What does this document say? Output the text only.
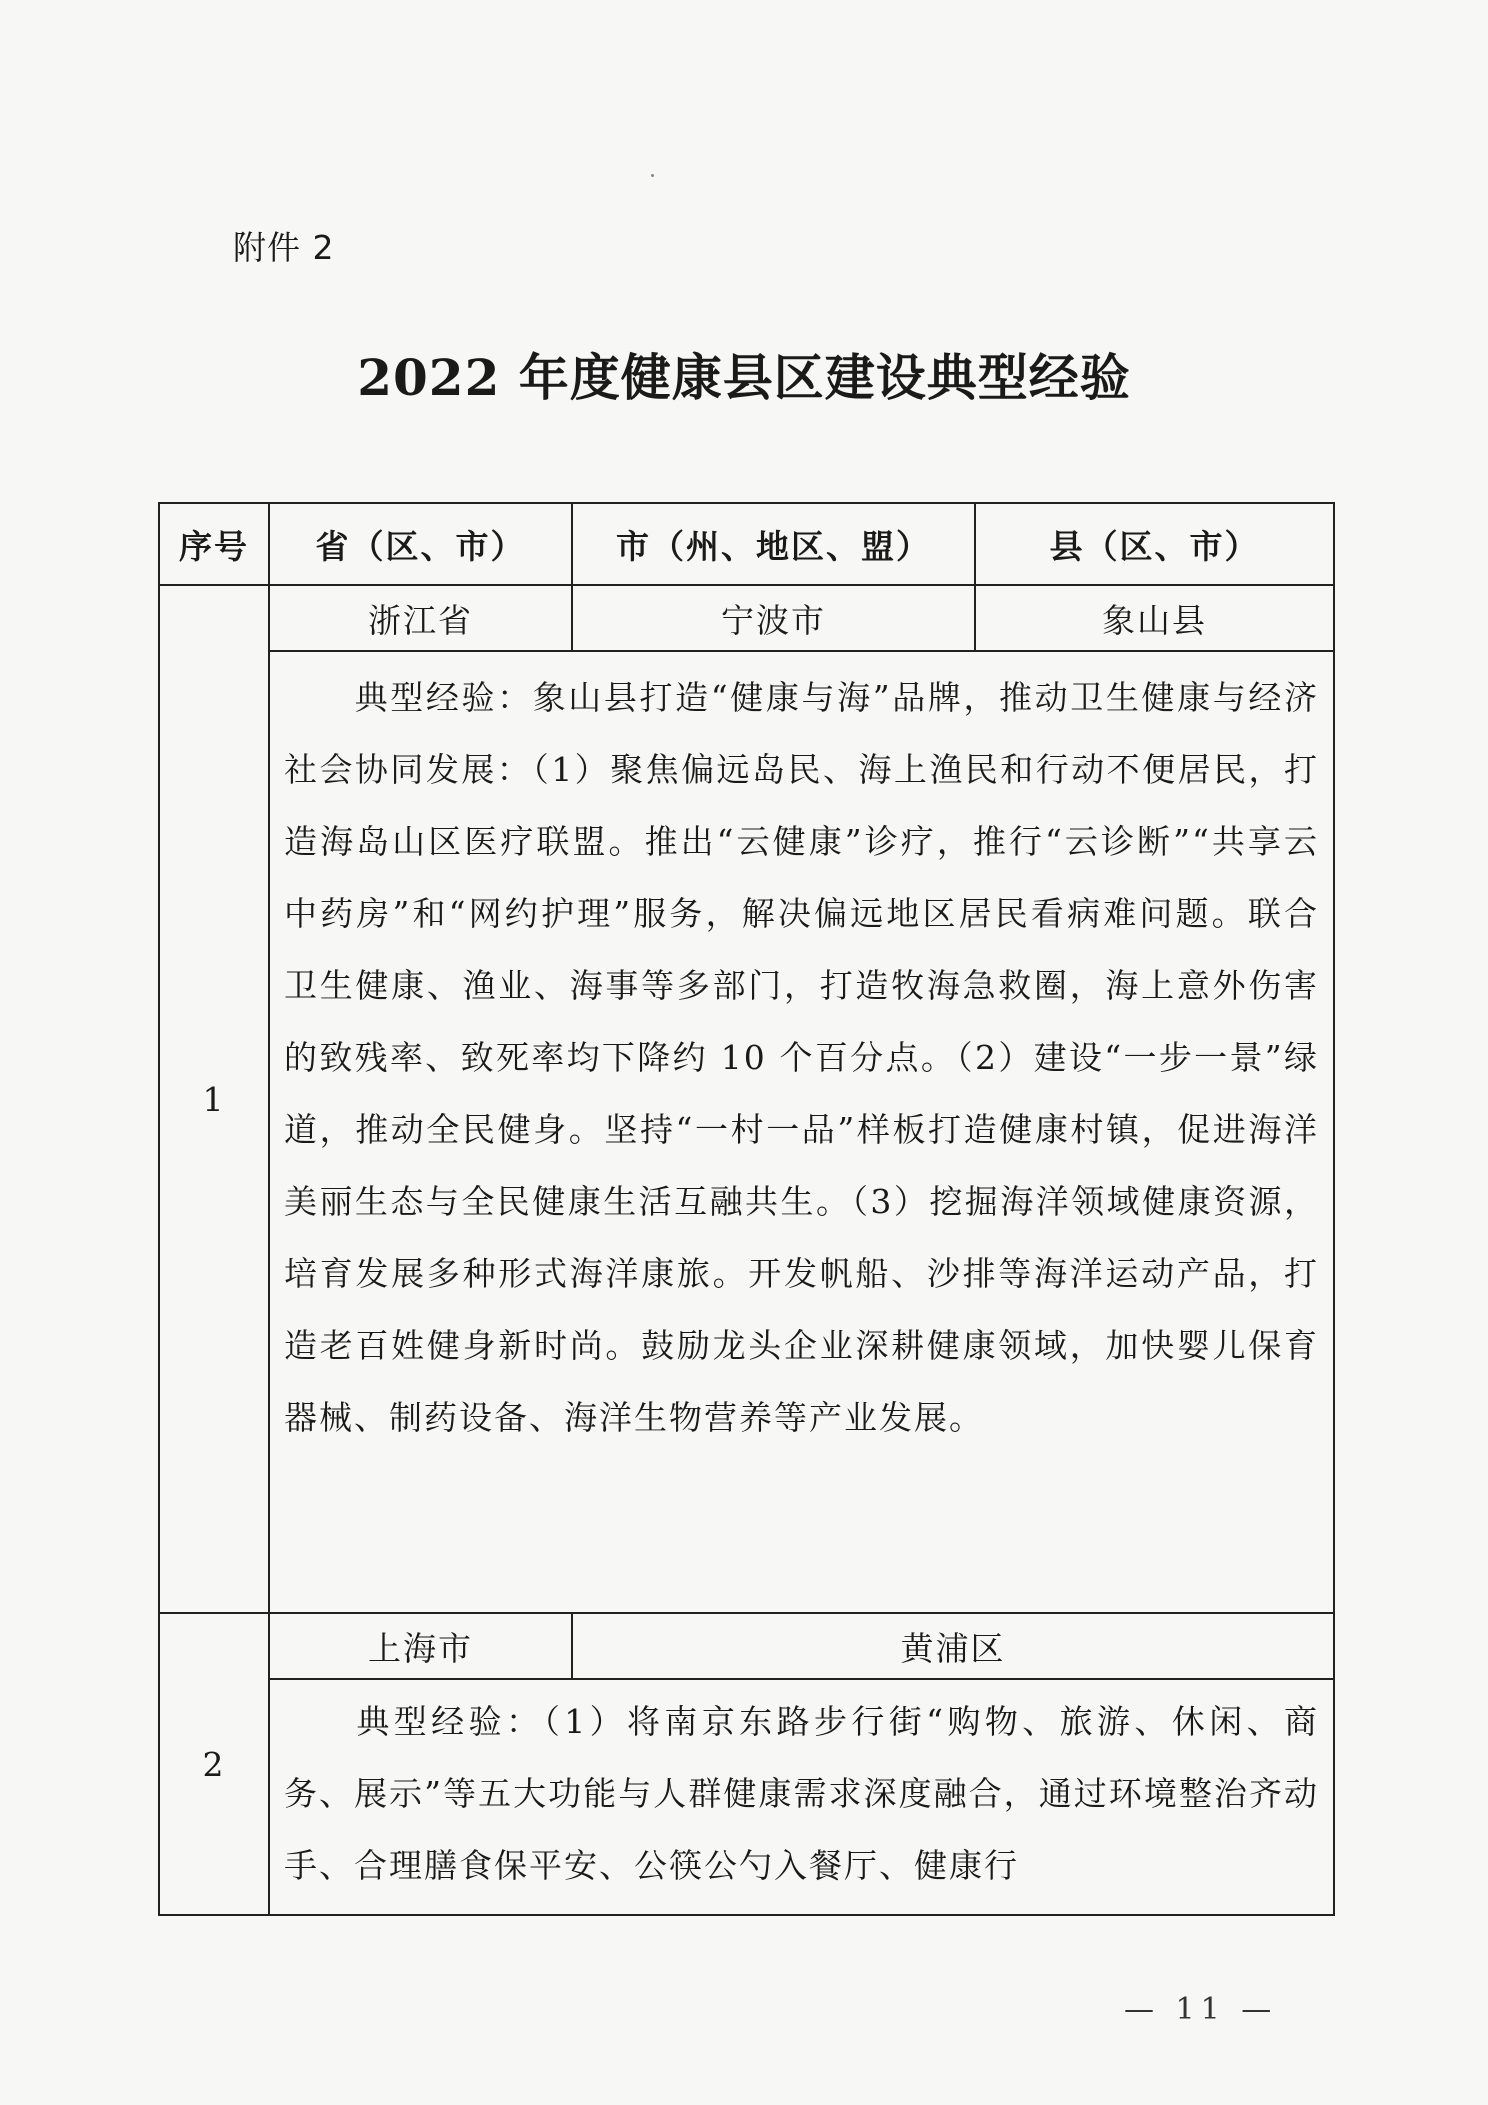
附件 2
2022 年度健康县区建设典型经验
序号	省（区、市）	市（州、地区、盟）	县（区、市）
1	浙江省	宁波市	象山县
	典型经验：象山县打造“健康与海”品牌，推动卫生健康与经济社会协同发展：（1）聚焦偏远岛民、海上渔民和行动不便居民，打造海岛山区医疗联盟。推出“云健康”诊疗，推行“云诊断”“共享云中药房”和“网约护理”服务，解决偏远地区居民看病难问题。联合卫生健康、渔业、海事等多部门，打造牧海急救圈，海上意外伤害的致残率、致死率均下降约 10 个百分点。（2）建设“一步一景”绿道，推动全民健身。坚持“一村一品”样板打造健康村镇，促进海洋美丽生态与全民健康生活互融共生。（3）挖掘海洋领域健康资源，培育发展多种形式海洋康旅。开发帆船、沙排等海洋运动产品，打造老百姓健身新时尚。鼓励龙头企业深耕健康领域，加快婴儿保育器械、制药设备、海洋生物营养等产业发展。		
2	上海市	黄浦区	
	典型经验：（1）将南京东路步行街“购物、旅游、休闲、商务、展示”等五大功能与人群健康需求深度融合，通过环境整治齐动手、合理膳食保平安、公筷公勺入餐厅、健康行		
— 11 —
